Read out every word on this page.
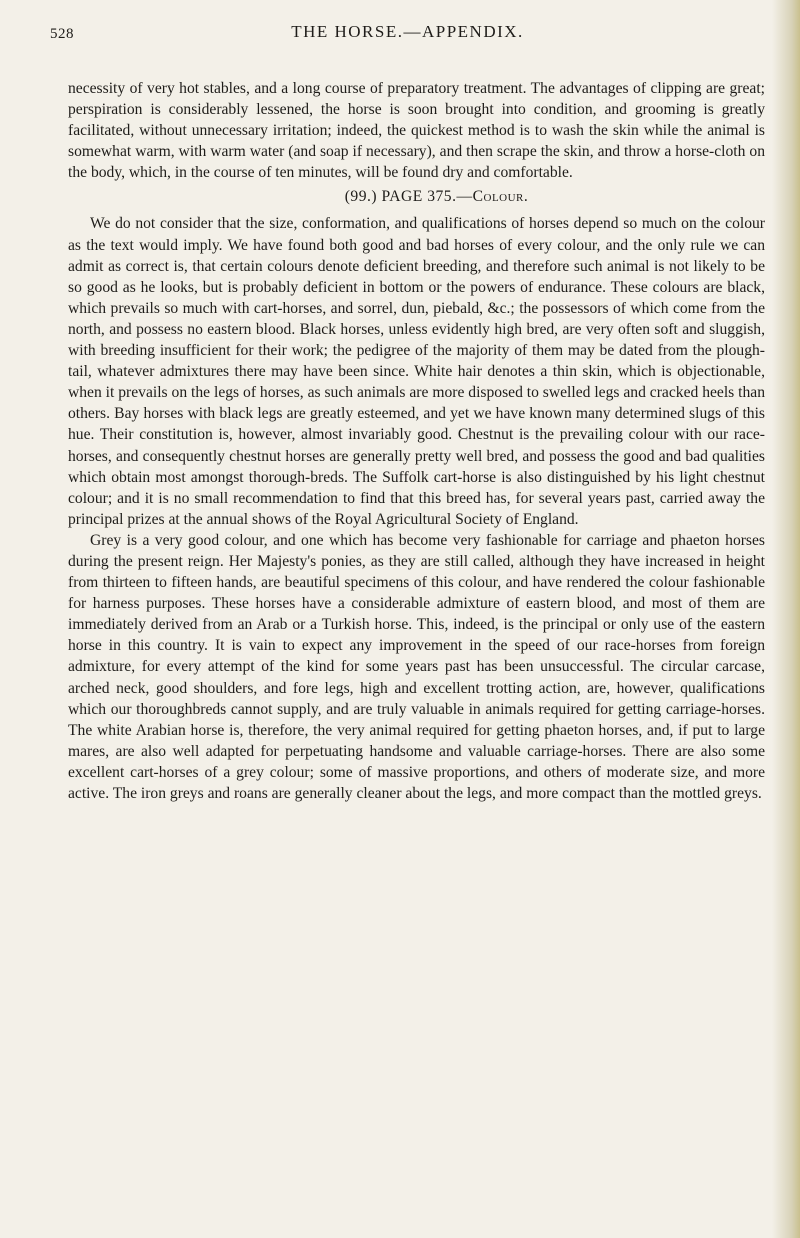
528	THE HORSE.—APPENDIX.

necessity of very hot stables, and a long course of preparatory treatment. The advantages of clipping are great; perspiration is considerably lessened, the horse is soon brought into condition, and grooming is greatly facilitated, without unnecessary irritation; indeed, the quickest method is to wash the skin while the animal is somewhat warm, with warm water (and soap if necessary), and then scrape the skin, and throw a horse-cloth on the body, which, in the course of ten minutes, will be found dry and comfortable.

(99.) PAGE 375.—Colour.

We do not consider that the size, conformation, and qualifications of horses depend so much on the colour as the text would imply. We have found both good and bad horses of every colour, and the only rule we can admit as correct is, that certain colours denote deficient breeding, and therefore such animal is not likely to be so good as he looks, but is probably deficient in bottom or the powers of endurance. These colours are black, which prevails so much with cart-horses, and sorrel, dun, piebald, &c.; the possessors of which come from the north, and possess no eastern blood. Black horses, unless evidently high bred, are very often soft and sluggish, with breeding insufficient for their work; the pedigree of the majority of them may be dated from the plough-tail, whatever admixtures there may have been since. White hair denotes a thin skin, which is objectionable, when it prevails on the legs of horses, as such animals are more disposed to swelled legs and cracked heels than others. Bay horses with black legs are greatly esteemed, and yet we have known many determined slugs of this hue. Their constitution is, however, almost invariably good. Chestnut is the prevailing colour with our race-horses, and consequently chestnut horses are generally pretty well bred, and possess the good and bad qualities which obtain most amongst thorough-breds. The Suffolk cart-horse is also distinguished by his light chestnut colour; and it is no small recommendation to find that this breed has, for several years past, carried away the principal prizes at the annual shows of the Royal Agricultural Society of England.

Grey is a very good colour, and one which has become very fashionable for carriage and phaeton horses during the present reign. Her Majesty's ponies, as they are still called, although they have increased in height from thirteen to fifteen hands, are beautiful specimens of this colour, and have rendered the colour fashionable for harness purposes. These horses have a considerable admixture of eastern blood, and most of them are immediately derived from an Arab or a Turkish horse. This, indeed, is the principal or only use of the eastern horse in this country. It is vain to expect any improvement in the speed of our race-horses from foreign admixture, for every attempt of the kind for some years past has been unsuccessful. The circular carcase, arched neck, good shoulders, and fore legs, high and excellent trotting action, are, however, qualifications which our thoroughbreds cannot supply, and are truly valuable in animals required for getting carriage-horses. The white Arabian horse is, therefore, the very animal required for getting phaeton horses, and, if put to large mares, are also well adapted for perpetuating handsome and valuable carriage-horses. There are also some excellent cart-horses of a grey colour; some of massive proportions, and others of moderate size, and more active. The iron greys and roans are generally cleaner about the legs, and more compact than the mottled greys.
